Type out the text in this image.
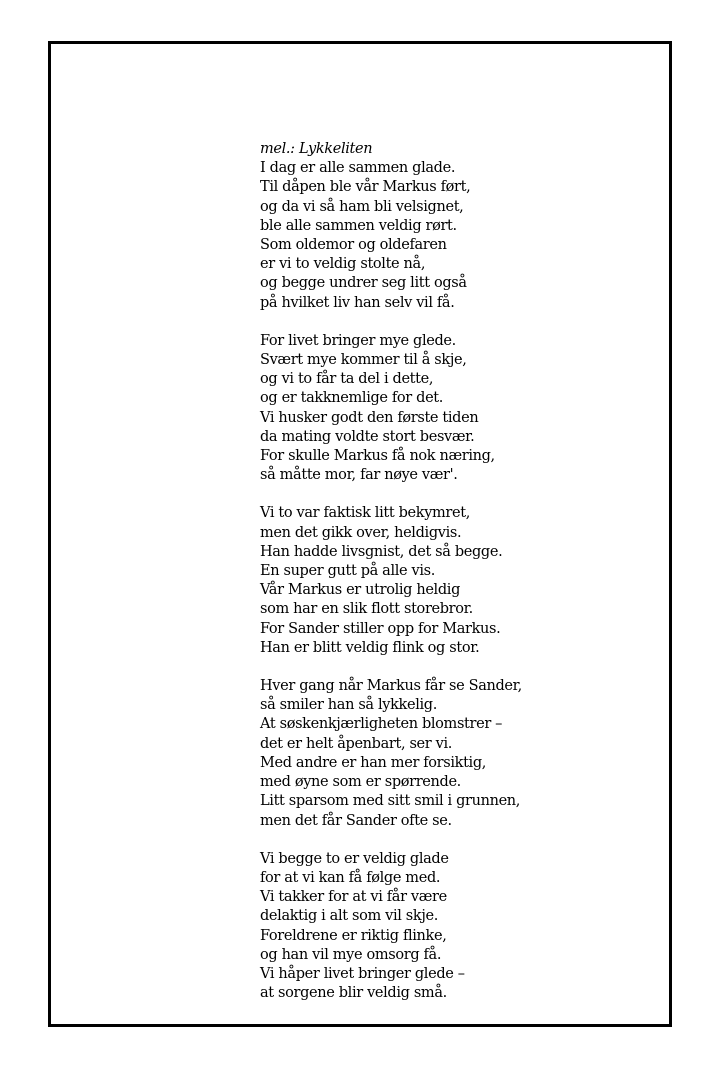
mel.: Lykkeliten
I dag er alle sammen glade.
Til dåpen ble vår Markus ført,
og da vi så ham bli velsignet,
ble alle sammen veldig rørt.
Som oldemor og oldefaren
er vi to veldig stolte nå,
og begge undrer seg litt også
på hvilket liv han selv vil få.
For livet bringer mye glede.
Svært mye kommer til å skje,
og vi to får ta del i dette,
og er takknemlige for det.
Vi husker godt den første tiden
da mating voldte stort besvær.
For skulle Markus få nok næring,
så måtte mor, far nøye vær'.
Vi to var faktisk litt bekymret,
men det gikk over, heldigvis.
Han hadde livsgnist, det så begge.
En super gutt på alle vis.
Vår Markus er utrolig heldig
som har en slik flott storebror.
For Sander stiller opp for Markus.
Han er blitt veldig flink og stor.
Hver gang når Markus får se Sander,
så smiler han så lykkelig.
At søskenkjærligheten blomstrer –
det er helt åpenbart, ser vi.
Med andre er han mer forsiktig,
med øyne som er spørrende.
Litt sparsom med sitt smil i grunnen,
men det får Sander ofte se.
Vi begge to er veldig glade
for at vi kan få følge med.
Vi takker for at vi får være
delaktig i alt som vil skje.
Foreldrene er riktig flinke,
og han vil mye omsorg få.
Vi håper livet bringer glede –
at sorgene blir veldig små.
